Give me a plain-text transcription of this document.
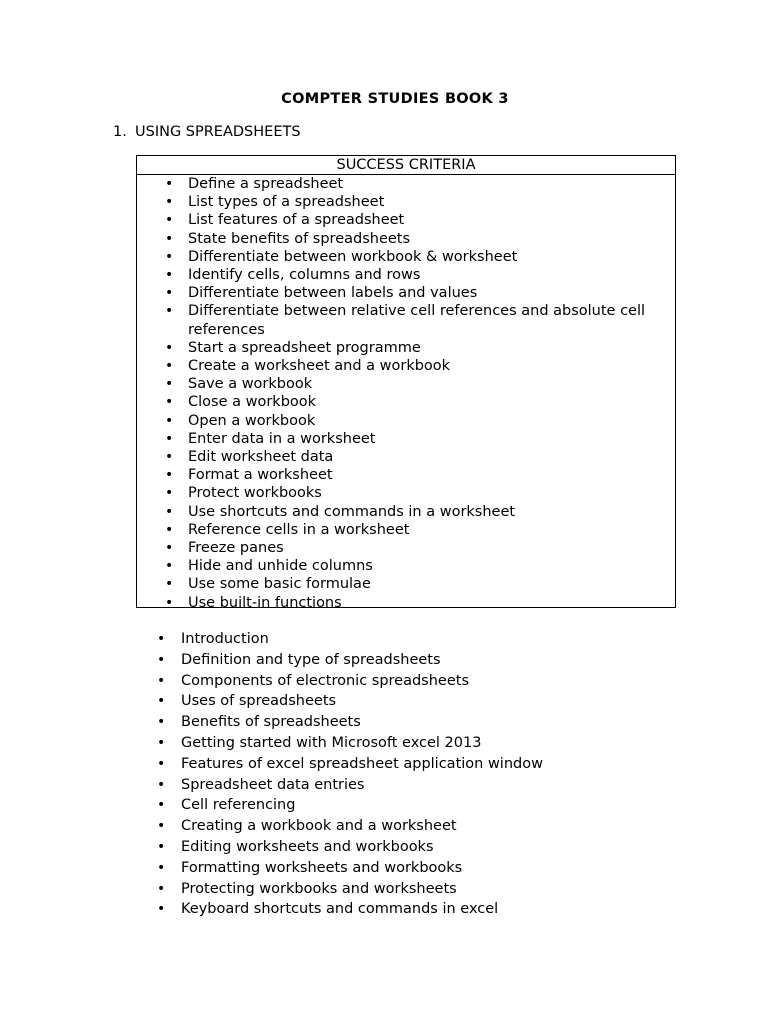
COMPTER STUDIES BOOK 3
1. USING SPREADSHEETS
SUCCESS CRITERIA
• Define a spreadsheet
• List types of a spreadsheet
• List features of a spreadsheet
• State benefits of spreadsheets
• Differentiate between workbook & worksheet
• Identify cells, columns and rows
• Differentiate between labels and values
• Differentiate between relative cell references and absolute cell references
• Start a spreadsheet programme
• Create a worksheet and a workbook
• Save a workbook
• Close a workbook
• Open a workbook
• Enter data in a worksheet
• Edit worksheet data
• Format a worksheet
• Protect workbooks
• Use shortcuts and commands in a worksheet
• Reference cells in a worksheet
• Freeze panes
• Hide and unhide columns
• Use some basic formulae
• Use built-in functions
• Introduction
• Definition and type of spreadsheets
• Components of electronic spreadsheets
• Uses of spreadsheets
• Benefits of spreadsheets
• Getting started with Microsoft excel 2013
• Features of excel spreadsheet application window
• Spreadsheet data entries
• Cell referencing
• Creating a workbook and a worksheet
• Editing worksheets and workbooks
• Formatting worksheets and workbooks
• Protecting workbooks and worksheets
• Keyboard shortcuts and commands in excel
